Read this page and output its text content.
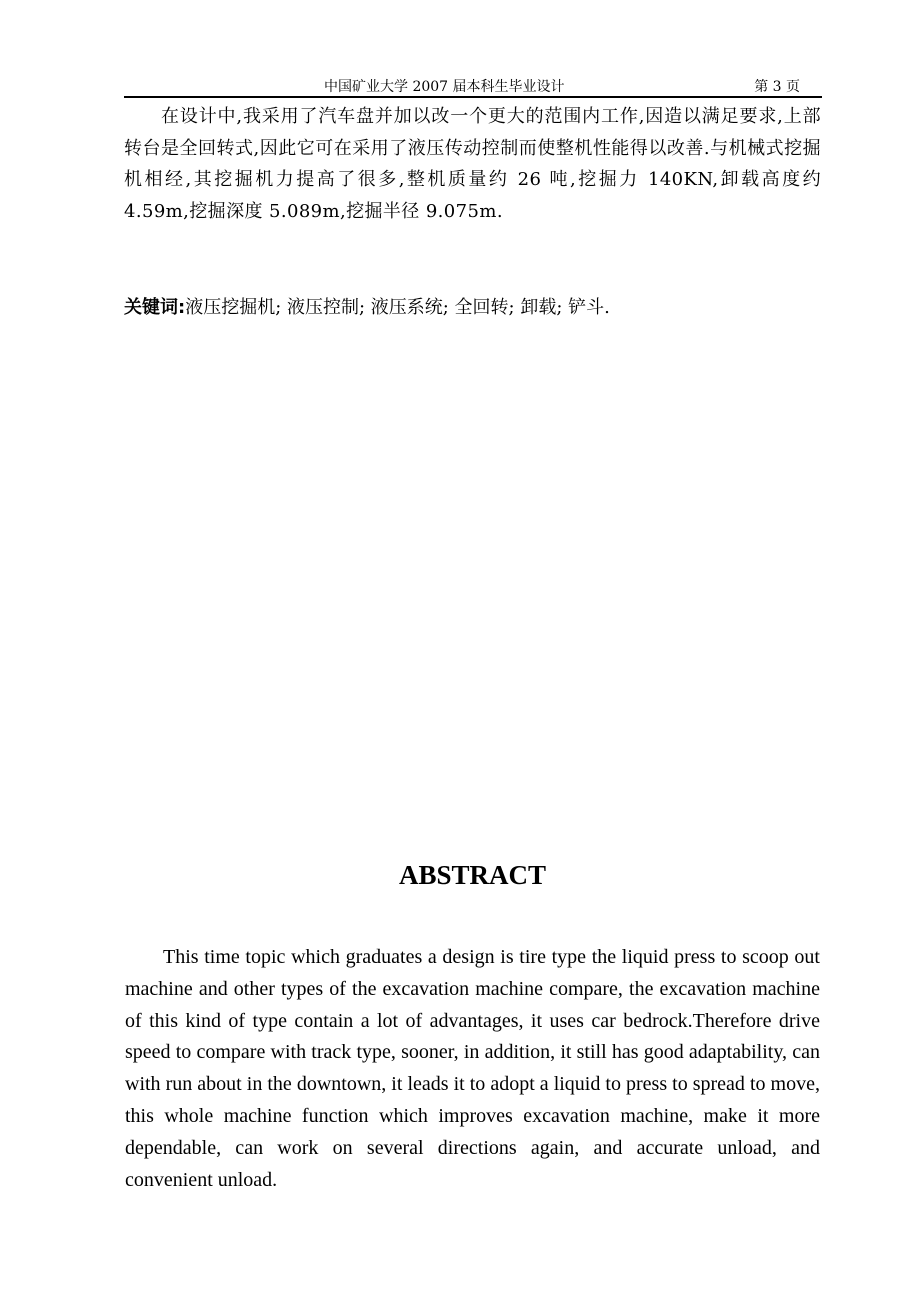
中国矿业大学 2007 届本科生毕业设计	第 3 页
在设计中,我采用了汽车盘并加以改一个更大的范围内工作,因造以满足要求,上部转台是全回转式,因此它可在采用了液压传动控制而使整机性能得以改善.与机械式挖掘机相经,其挖掘机力提高了很多,整机质量约 26 吨,挖掘力 140KN,卸载高度约 4.59m,挖掘深度 5.089m,挖掘半径 9.075m.
关键词:液压挖掘机; 液压控制; 液压系统; 全回转; 卸载; 铲斗.
ABSTRACT
This time topic which graduates a design is tire type the liquid press to scoop out machine and other types of the excavation machine compare, the excavation machine of this kind of type contain a lot of advantages, it uses car bedrock.Therefore drive speed to compare with track type, sooner, in addition, it still has good adaptability, can with run about in the downtown, it leads it to adopt a liquid to press to spread to move, this whole machine function which improves excavation machine, make it more dependable, can work on several directions again, and accurate unload, and convenient unload.
